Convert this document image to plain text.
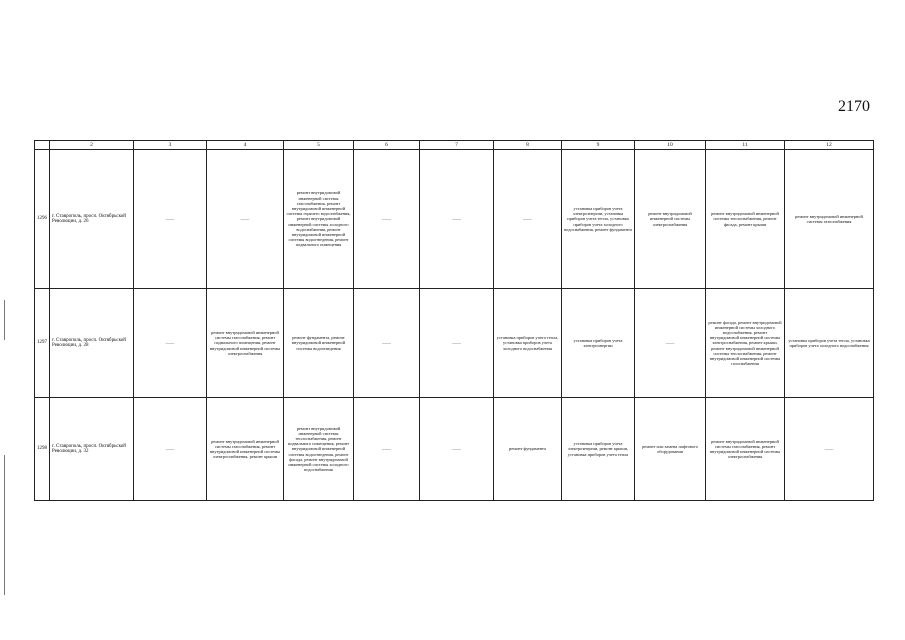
2170
	2	3	4	5	6	7	8	9	10	11	12
1296	г. Ставрополь, просп. Октябрьской Революции, д. 26	——	——	ремонт внутридомовой инженерной системы газоснабжения, ремонт внутридомовой инженерной системы горячего водоснабжения, ремонт внутридомовой инженерной системы холодного водоснабжения, ремонт внутридомовой инженерной системы водоотведения, ремонт подвального помещения	——	——	——	установка приборов учета электроэнергии, установка приборов учета тепла, установка приборов учета холодного водоснабжения, ремонт фундамента	ремонт внутридомовой инженерной системы электроснабжения	ремонт внутридомовой инженерной системы теплоснабжения, ремонт фасада, ремонт крыши	ремонт внутридомовой инженерной системы газоснабжения
1297	г. Ставрополь, просп. Октябрьской Революции, д. 28	——	ремонт внутридомовой инженерной системы газоснабжения, ремонт подвального помещения, ремонт внутридомовой инженерной системы электроснабжения	ремонт фундамента, ремонт внутридомовой инженерной системы водоотведения	——	——	установка приборов учета тепла, установка приборов учета холодного водоснабжения	установка приборов учета электроэнергии	——	ремонт фасада, ремонт внутридомовой инженерной системы холодного водоснабжения, ремонт внутридомовой инженерной системы электроснабжения, ремонт крыши, ремонт внутридомовой инженерной системы теплоснабжения, ремонт внутридомовой инженерной системы газоснабжения	установка приборов учета тепла, установка приборов учета холодного водоснабжения
1298	г. Ставрополь, просп. Октябрьской Революции, д. 32	——	ремонт внутридомовой инженерной системы газоснабжения, ремонт внутридомовой инженерной системы электроснабжения, ремонт крыши	ремонт внутридомовой инженерной системы теплоснабжения, ремонт подвального помещения, ремонт внутридомовой инженерной системы водоотведения, ремонт фасада, ремонт внутридомовой инженерной системы холодного водоснабжения	——	——	ремонт фундамента	установка приборов учета электроэнергии, ремонт крыши, установка приборов учета тепла	ремонт или замена лифтового оборудования	ремонт внутридомовой инженерной системы газоснабжения, ремонт внутридомовой инженерной системы электроснабжения	——
